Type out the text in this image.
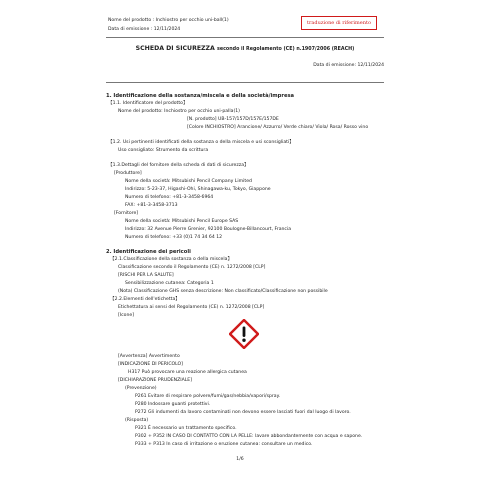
Nome del prodotto : Inchiostro per occhio uni-ball(1)
Data di emissione : 12/11/2024
traduzione di riferimento
SCHEDA DI SICUREZZA secondo il Regolamento (CE) n.1907/2006 (REACH)
Data di emissione: 12/11/2024
1. Identificazione della sostanza/miscela e della società/impresa
【1.1. Identificatore del prodotto】
Nome del prodotto: Inchiostro per occhio uni-palla(1)
[N. prodotto] UB-157/157D/157E/157DE
[Colore INCHIOSTRO] Arancione/ Azzurro/ Verde chiaro/ Viola/ Rosa/ Rosso vino
【1.2. Usi pertinenti identificati della sostanza o della miscela e usi sconsigliati】
Uso consigliato: Strumento da scrittura
【1.3.Dettagli del fornitore della scheda di dati di sicurezza】
[Produttore]
Nome della società: Mitsubishi Pencil Company Limited
Indirizzo: 5-23-37, Higashi-Ohi, Shinagawa-ku, Tokyo, Giappone
Numero di telefono: +81-3-3458-6964
FAX: +81-3-3458-3713
[Fornitore]
Nome della società: Mitsubishi Pencil Europe SAS
Indirizzo: 32 Avenue Pierre Grenier, 92100 Boulogne-Billancourt, Francia
Numero di telefono: +33 (0)1 74 34 64 12
2. Identificazione dei pericoli
【2.1.Classificazione della sostanza o della miscela】
Classificazione secondo il Regolamento (CE) n. 1272/2008 [CLP]
[RISCHI PER LA SALUTE]
Sensibilizzazione cutanea: Categoria 1
(Nota) Classificazione GHS senza descrizione: Non classificato/Classificazione non possibile
【2.2.Elementi dell'etichetta】
Etichettatura ai sensi del Regolamento (CE) n. 1272/2008 [CLP]
[Icone]
[Avvertenza] Avvertimento
[INDICAZIONE DI PERICOLO]
H317 Può provocare una reazione allergica cutanea
[DICHIARAZIONE PRUDENZIALE]
(Prevenzione)
P261 Evitare di respirare polvere/fumi/gas/nebbia/vapori/spray.
P280 Indossare guanti protettivi.
P272 Gli indumenti da lavoro contaminati non devono essere lasciati fuori dal luogo di lavoro.
(Risposta)
P321 È necessario un trattamento specifico.
P302 + P352 IN CASO DI CONTATTO CON LA PELLE: lavare abbondantemente con acqua e sapone.
P333 + P313 In caso di irritazione o eruzione cutanea: consultare un medico.
1/6
